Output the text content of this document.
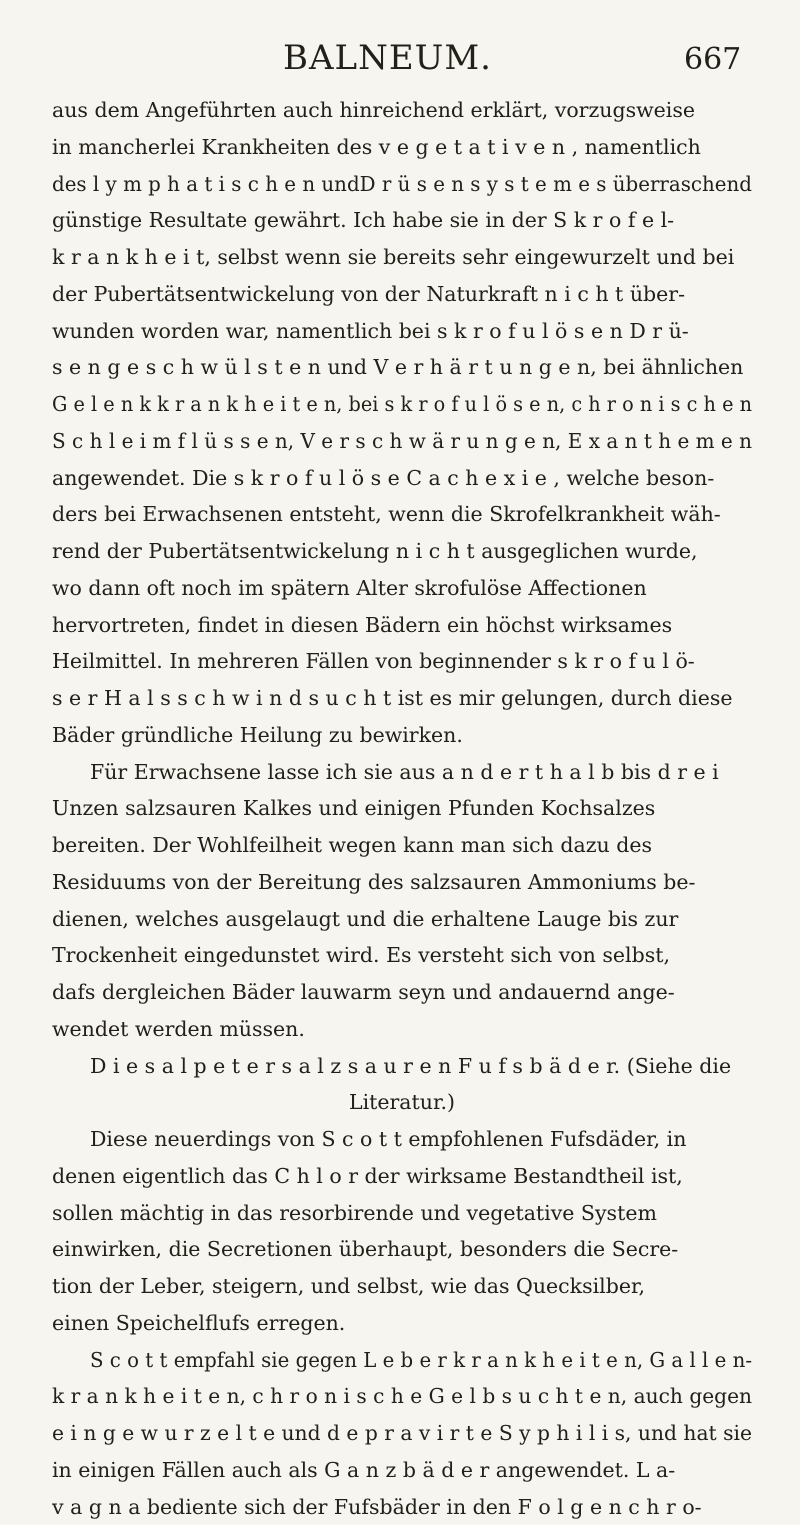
BALNEUM.	667
aus dem Angeführten auch hinreichend erklärt, vorzugsweise
in mancherlei Krankheiten des v e g e t a t i v e n , namentlich
des l y m p h a t i s c h e n undD r ü s e n s y s t e m e s überraschend
günstige Resultate gewährt. Ich habe sie in der S k r o f e l-
k r a n k h e i t, selbst wenn sie bereits sehr eingewurzelt und bei
der Pubertätsentwickelung von der Naturkraft n i c h t über-
wunden worden war, namentlich bei s k r o f u l ö s e n D r ü-
s e n g e s c h w ü l s t e n und V e r h ä r t u n g e n, bei ähnlichen
G e l e n k k r a n k h e i t e n, bei s k r o f u l ö s e n, c h r o n i s c h e n
S c h l e i m f l ü s s e n, V e r s c h w ä r u n g e n, E x a n t h e m e n
angewendet. Die s k r o f u l ö s e C a c h e x i e , welche beson-
ders bei Erwachsenen entsteht, wenn die Skrofelkrankheit wäh-
rend der Pubertätsentwickelung n i c h t ausgeglichen wurde,
wo dann oft noch im spätern Alter skrofulöse Affectionen
hervortreten, findet in diesen Bädern ein höchst wirksames
Heilmittel. In mehreren Fällen von beginnender s k r o f u l ö-
s e r H a l s s c h w i n d s u c h t ist es mir gelungen, durch diese
Bäder gründliche Heilung zu bewirken.
Für Erwachsene lasse ich sie aus a n d e r t h a l b bis d r e i
Unzen salzsauren Kalkes und einigen Pfunden Kochsalzes
bereiten. Der Wohlfeilheit wegen kann man sich dazu des
Residuums von der Bereitung des salzsauren Ammoniums be-
dienen, welches ausgelaugt und die erhaltene Lauge bis zur
Trockenheit eingedunstet wird. Es versteht sich von selbst,
dafs dergleichen Bäder lauwarm seyn und andauernd ange-
wendet werden müssen.
D i e s a l p e t e r s a l z s a u r e n F u f s b ä d e r. (Siehe die
Literatur.)
Diese neuerdings von S c o t t empfohlenen Fufsdäder, in
denen eigentlich das C h l o r der wirksame Bestandtheil ist,
sollen mächtig in das resorbirende und vegetative System
einwirken, die Secretionen überhaupt, besonders die Secre-
tion der Leber, steigern, und selbst, wie das Quecksilber,
einen Speichelflufs erregen.
S c o t t empfahl sie gegen L e b e r k r a n k h e i t e n, G a l l e n-
k r a n k h e i t e n, c h r o n i s c h e G e l b s u c h t e n, auch gegen
e i n g e w u r z e l t e und d e p r a v i r t e S y p h i l i s, und hat sie
in einigen Fällen auch als G a n z b ä d e r angewendet. L a-
v a g n a bediente sich der Fufsbäder in den F o l g e n c h r o-
